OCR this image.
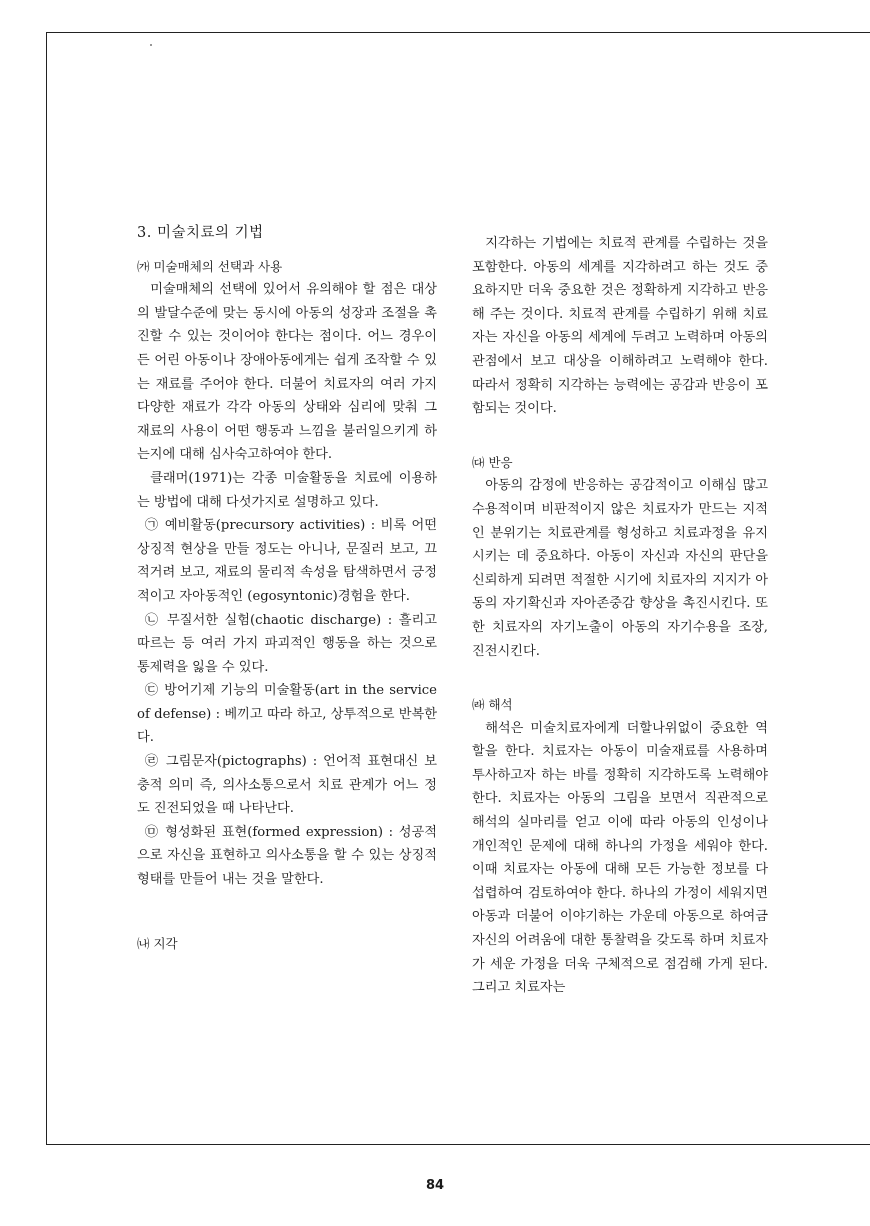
3. 미술치료의 기법
㈎ 미술매체의 선택과 사용

미술매체의 선택에 있어서 유의해야 할 점은 대상의 발달수준에 맞는 동시에 아동의 성장과 조절을 촉진할 수 있는 것이어야 한다는 점이다. 어느 경우이든 어린 아동이나 장애아동에게는 쉽게 조작할 수 있는 재료를 주어야 한다. 더불어 치료자의 여러 가지 다양한 재료가 각각 아동의 상태와 심리에 맞춰 그 재료의 사용이 어떤 행동과 느낌을 불러일으키게 하는지에 대해 심사숙고하여야 한다.

클래머(1971)는 각종 미술활동을 치료에 이용하는 방법에 대해 다섯가지로 설명하고 있다.

㉠ 예비활동(precursory activities) : 비록 어떤 상징적 현상을 만들 정도는 아니나, 문질러 보고, 끄적거려 보고, 재료의 물리적 속성을 탐색하면서 긍정적이고 자아동적인 (egosyntonic)경험을 한다.

㉡ 무질서한 실험(chaotic discharge) : 흘리고 따르는 등 여러 가지 파괴적인 행동을 하는 것으로 통제력을 잃을 수 있다.

㉢ 방어기제 기능의 미술활동(art in the service of defense) : 베끼고 따라 하고, 상투적으로 반복한다.

㉣ 그림문자(pictographs) : 언어적 표현대신 보충적 의미 즉, 의사소통으로서 치료 관계가 어느 정도 진전되었을 때 나타난다.

㉤ 형성화된 표현(formed expression) : 성공적으로 자신을 표현하고 의사소통을 할 수 있는 상징적 형태를 만들어 내는 것을 말한다.

㈏ 지각

지각하는 기법에는 치료적 관계를 수립하는 것을 포함한다. 아동의 세계를 지각하려고 하는 것도 중요하지만 더욱 중요한 것은 정확하게 지각하고 반응해 주는 것이다. 치료적 관계를 수립하기 위해 치료자는 자신을 아동의 세계에 두려고 노력하며 아동의 관점에서 보고 대상을 이해하려고 노력해야 한다. 따라서 정확히 지각하는 능력에는 공감과 반응이 포함되는 것이다.

㈐ 반응

아동의 감정에 반응하는 공감적이고 이해심 많고 수용적이며 비판적이지 않은 치료자가 만드는 지적인 분위기는 치료관계를 형성하고 치료과정을 유지시키는 데 중요하다. 아동이 자신과 자신의 판단을 신뢰하게 되려면 적절한 시기에 치료자의 지지가 아동의 자기확신과 자아존중감 향상을 촉진시킨다. 또한 치료자의 자기노출이 아동의 자기수용을 조장, 진전시킨다.

㈑ 해석

해석은 미술치료자에게 더할나위없이 중요한 역할을 한다. 치료자는 아동이 미술재료를 사용하며 투사하고자 하는 바를 정확히 지각하도록 노력해야 한다. 치료자는 아동의 그림을 보면서 직관적으로 해석의 실마리를 얻고 이에 따라 아동의 인성이나 개인적인 문제에 대해 하나의 가정을 세워야 한다. 이때 치료자는 아동에 대해 모든 가능한 정보를 다 섭렵하여 검토하여야 한다. 하나의 가정이 세워지면 아동과 더불어 이야기하는 가운데 아동으로 하여금 자신의 어려움에 대한 통찰력을 갖도록 하며 치료자가 세운 가정을 더욱 구체적으로 점검해 가게 된다. 그리고 치료자는

84
